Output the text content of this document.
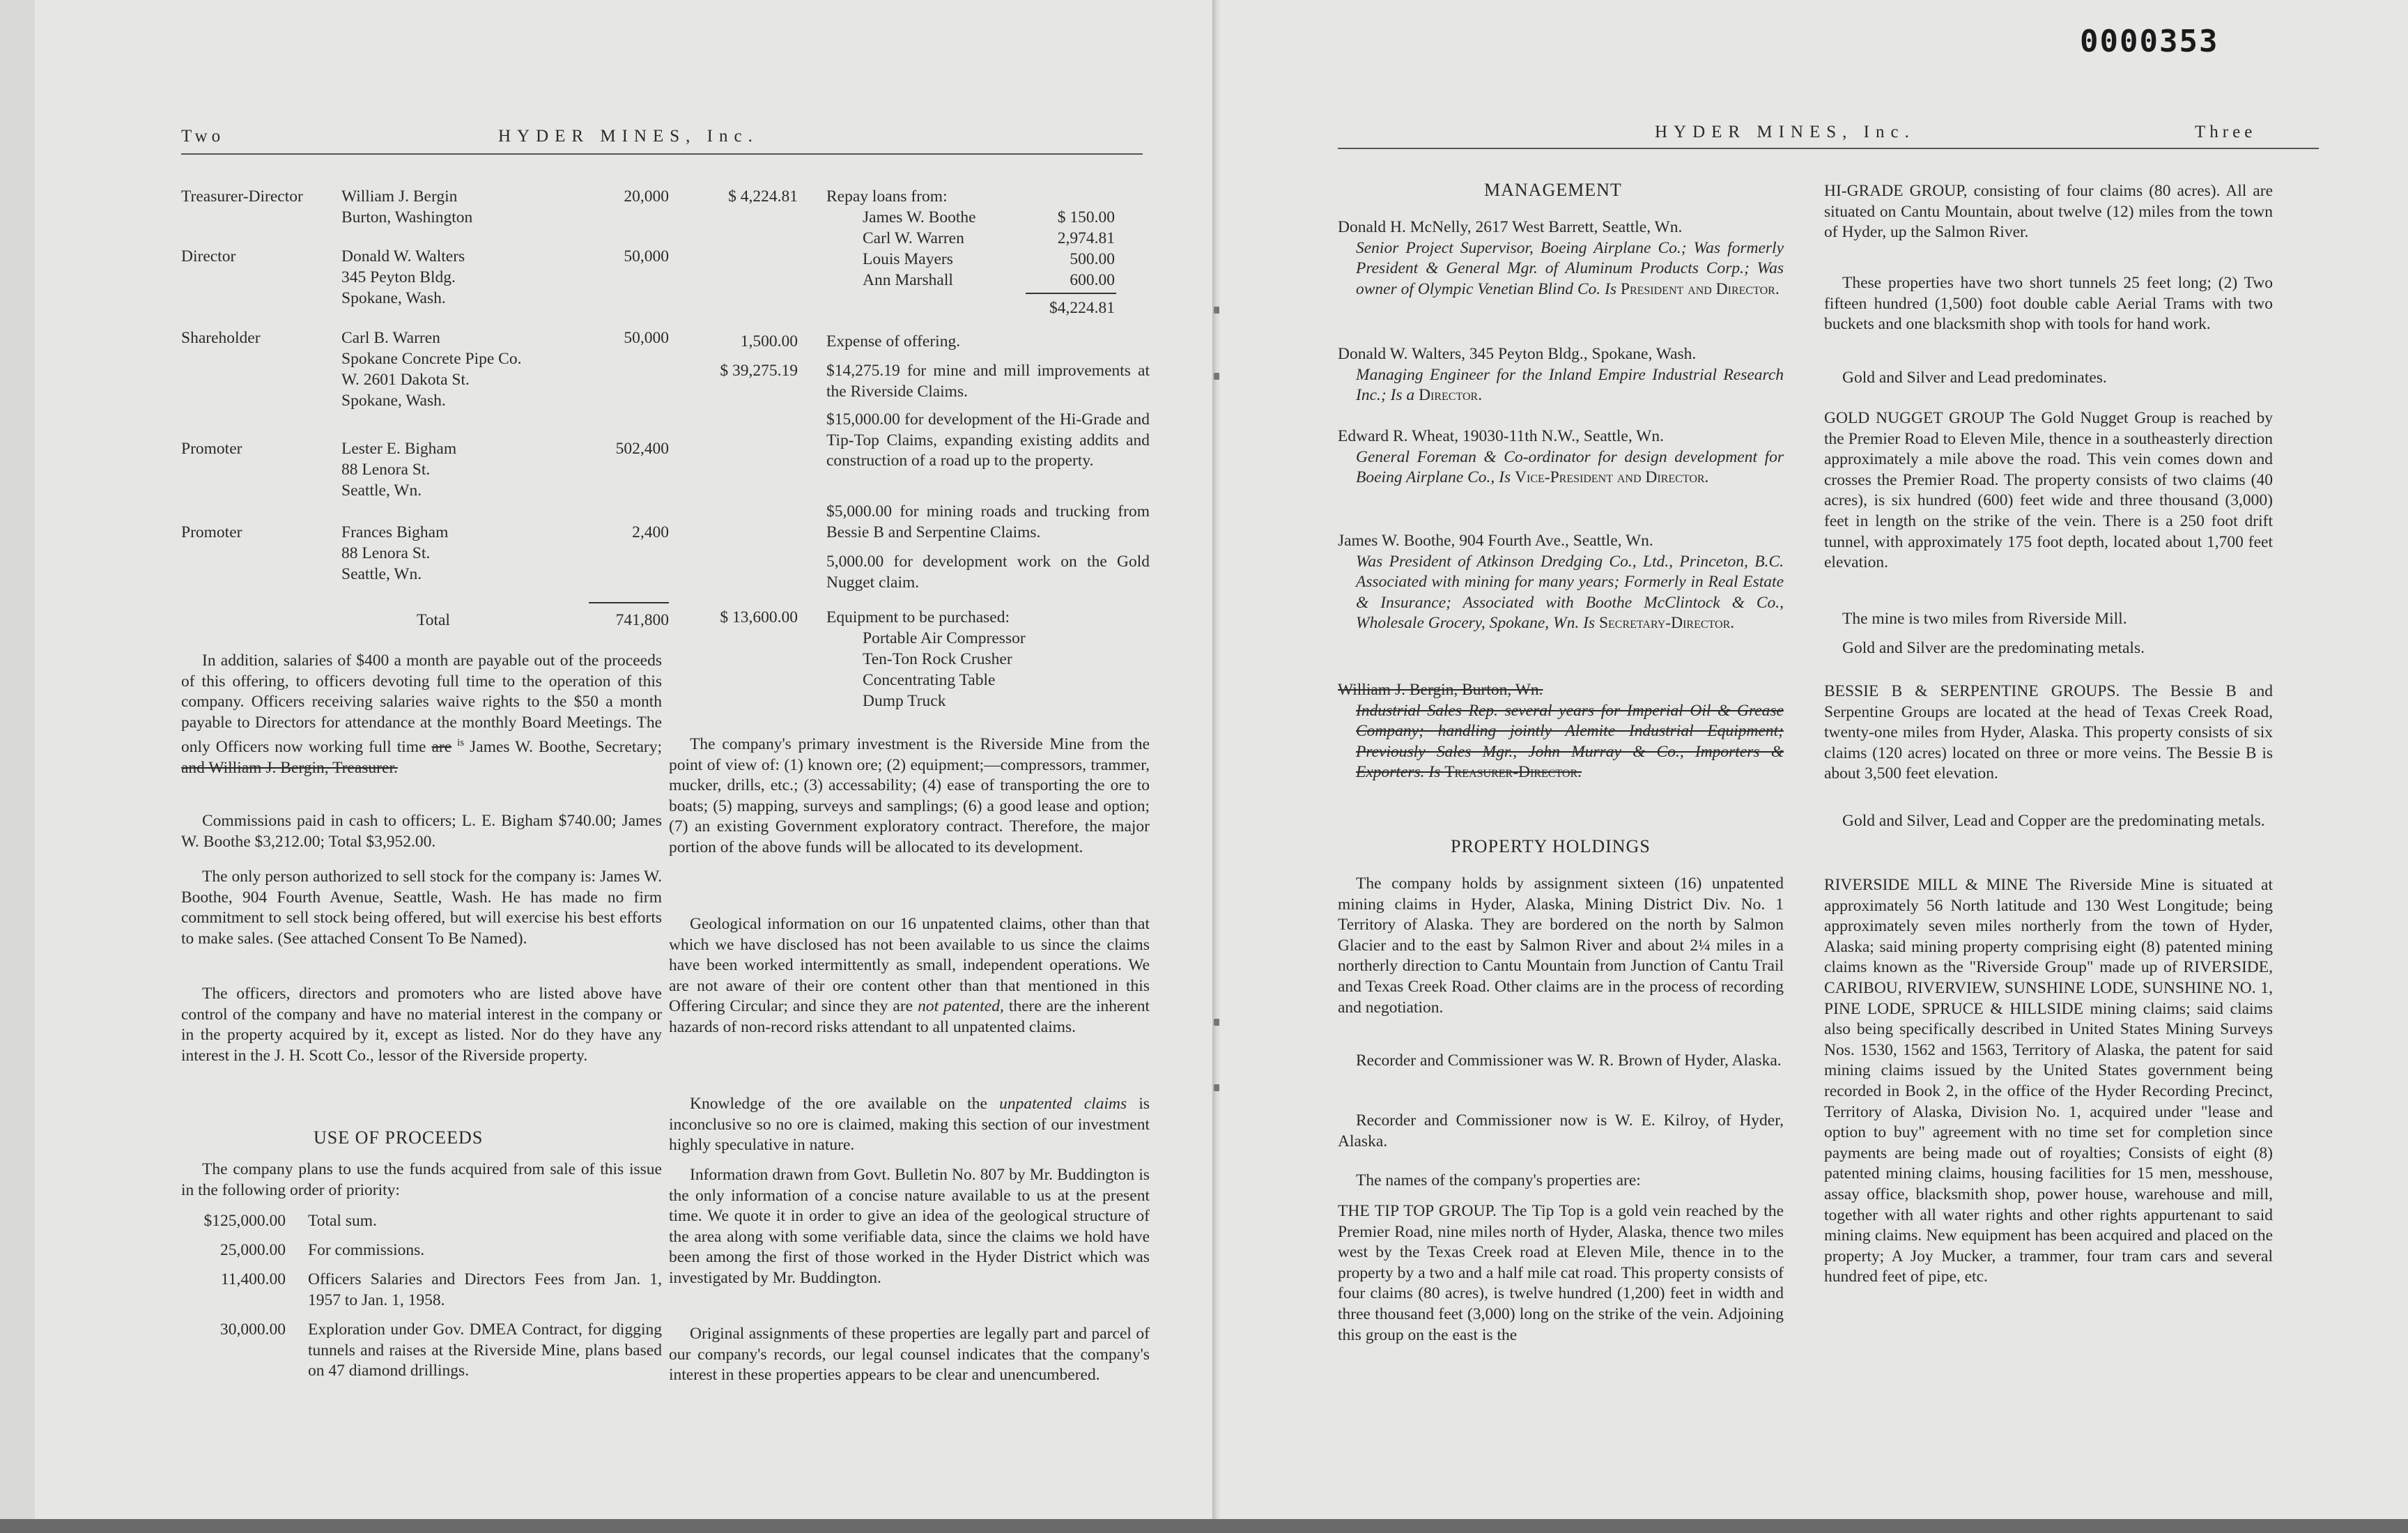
Two	HYDER MINES, Inc.
Treasurer-Director William J. Bergin	20,000
Burton, Washington
Director	Donald W. Walters	50,000
345 Peyton Bldg.
Spokane, Wash.
Shareholder	Carl B. Warren	50,000
Spokane Concrete Pipe Co.
W. 2601 Dakota St.
Spokane, Wash.
Promoter	Lester E. Bigham	502,400
88 Lenora St.
Seattle, Wn.
Promoter	Frances Bigham	2,400
88 Lenora St.
Seattle, Wn.
Total	741,800
In addition, salaries of $400 a month are payable out of the proceeds of this offering, to officers devoting full time to the operation of this company. Officers receiving salaries waive rights to the $50 a month payable to Directors for attendance at the monthly Board Meetings. The only Officers now working full time are $^{is}$ James W. Boothe, Secretary; and William J. Bergin, Treasurer.
Commissions paid in cash to officers; L. E. Bigham $740.00; James W. Boothe $3,212.00; Total $3,952.00.
The only person authorized to sell stock for the company is: James W. Boothe, 904 Fourth Avenue, Seattle, Wash. He has made no firm commitment to sell stock being offered, but will exercise his best efforts to make sales. (See attached Consent To Be Named).
The officers, directors and promoters who are listed above have control of the company and have no material interest in the company or in the property acquired by it, except as listed. Nor do they have any interest in the J. H. Scott Co., lessor of the Riverside property.
USE OF PROCEEDS
The company plans to use the funds acquired from sale of this issue in the following order of priority:
$125,000.00 Total sum.
25,000.00 For commissions.
11,400.00 Officers Salaries and Directors Fees from Jan. 1, 1957 to Jan. 1, 1958.
30,000.00 Exploration under Gov. DMEA Contract, for digging tunnels and raises at the Riverside Mine, plans based on 47 diamond drillings.
$ 4,224.81 Repay loans from:
James W. Boothe	$ 150.00
Carl W. Warren	2,974.81
Louis Mayers	500.00
Ann Marshall	600.00
$4,224.81
1,500.00 Expense of offering.
$ 39,275.19 $14,275.19 for mine and mill improvements at the Riverside Claims.
$15,000.00 for development of the Hi-Grade and Tip-Top Claims, expanding existing addits and construction of a road up to the property.
$5,000.00 for mining roads and trucking from Bessie B and Serpentine Claims.
5,000.00 for development work on the Gold Nugget claim.
$ 13,600.00 Equipment to be purchased:
Portable Air Compressor
Ten-Ton Rock Crusher
Concentrating Table
Dump Truck
The company's primary investment is the Riverside Mine from the point of view of: (1) known ore; (2) equipment;—compressors, trammer, mucker, drills, etc.; (3) accessability; (4) ease of transporting the ore to boats; (5) mapping, surveys and samplings; (6) a good lease and option; (7) an existing Government exploratory contract. Therefore, the major portion of the above funds will be allocated to its development.
Geological information on our 16 unpatented claims, other than that which we have disclosed has not been available to us since the claims have been worked intermittently as small, independent operations. We are not aware of their ore content other than that mentioned in this Offering Circular; and since they are not patented, there are the inherent hazards of non-record risks attendant to all unpatented claims.
Knowledge of the ore available on the unpatented claims is inconclusive so no ore is claimed, making this section of our investment highly speculative in nature.
Information drawn from Govt. Bulletin No. 807 by Mr. Buddington is the only information of a concise nature available to us at the present time. We quote it in order to give an idea of the geological structure of the area along with some verifiable data, since the claims we hold have been among the first of those worked in the Hyder District which was investigated by Mr. Buddington.
Original assignments of these properties are legally part and parcel of our company's records, our legal counsel indicates that the company's interest in these properties appears to be clear and unencumbered.
0000353
HYDER MINES, Inc.	Three
MANAGEMENT
Donald H. McNelly, 2617 West Barrett, Seattle, Wn.
Senior Project Supervisor, Boeing Airplane Co.; Was formerly President & General Mgr. of Aluminum Products Corp.; Was owner of Olympic Venetian Blind Co. Is President and Director.
Donald W. Walters, 345 Peyton Bldg., Spokane, Wash.
Managing Engineer for the Inland Empire Industrial Research Inc.; Is a Director.
Edward R. Wheat, 19030-11th N.W., Seattle, Wn.
General Foreman & Co-ordinator for design development for Boeing Airplane Co., Is Vice-President and Director.
James W. Boothe, 904 Fourth Ave., Seattle, Wn.
Was President of Atkinson Dredging Co., Ltd., Princeton, B.C. Associated with mining for many years; Formerly in Real Estate & Insurance; Associated with Boothe McClintock & Co., Wholesale Grocery, Spokane, Wn. Is Secretary-Director.
William J. Bergin, Burton, Wn.
Industrial Sales Rep. several years for Imperial Oil & Grease Company; handling jointly Alemite Industrial Equipment; Previously Sales Mgr., John Murray & Co., Importers & Exporters. Is Treasurer-Director.
PROPERTY HOLDINGS
The company holds by assignment sixteen (16) unpatented mining claims in Hyder, Alaska, Mining District Div. No. 1 Territory of Alaska. They are bordered on the north by Salmon Glacier and to the east by Salmon River and about 2¼ miles in a northerly direction to Cantu Mountain from Junction of Cantu Trail and Texas Creek Road. Other claims are in the process of recording and negotiation.
Recorder and Commissioner was W. R. Brown of Hyder, Alaska.
Recorder and Commissioner now is W. E. Kilroy, of Hyder, Alaska.
The names of the company's properties are:
THE TIP TOP GROUP. The Tip Top is a gold vein reached by the Premier Road, nine miles north of Hyder, Alaska, thence two miles west by the Texas Creek road at Eleven Mile, thence in to the property by a two and a half mile cat road. This property consists of four claims (80 acres), is twelve hundred (1,200) feet in width and three thousand feet (3,000) long on the strike of the vein. Adjoining this group on the east is the
HI-GRADE GROUP, consisting of four claims (80 acres). All are situated on Cantu Mountain, about twelve (12) miles from the town of Hyder, up the Salmon River.
These properties have two short tunnels 25 feet long; (2) Two fifteen hundred (1,500) foot double cable Aerial Trams with two buckets and one blacksmith shop with tools for hand work.
Gold and Silver and Lead predominates.
GOLD NUGGET GROUP The Gold Nugget Group is reached by the Premier Road to Eleven Mile, thence in a southeasterly direction approximately a mile above the road. This vein comes down and crosses the Premier Road. The property consists of two claims (40 acres), is six hundred (600) feet wide and three thousand (3,000) feet in length on the strike of the vein. There is a 250 foot drift tunnel, with approximately 175 foot depth, located about 1,700 feet elevation.
The mine is two miles from Riverside Mill.
Gold and Silver are the predominating metals.
BESSIE B & SERPENTINE GROUPS. The Bessie B and Serpentine Groups are located at the head of Texas Creek Road, twenty-one miles from Hyder, Alaska. This property consists of six claims (120 acres) located on three or more veins. The Bessie B is about 3,500 feet elevation.
Gold and Silver, Lead and Copper are the predominating metals.
RIVERSIDE MILL & MINE The Riverside Mine is situated at approximately 56 North latitude and 130 West Longitude; being approximately seven miles northerly from the town of Hyder, Alaska; said mining property comprising eight (8) patented mining claims known as the "Riverside Group" made up of RIVERSIDE, CARIBOU, RIVERVIEW, SUNSHINE LODE, SUNSHINE NO. 1, PINE LODE, SPRUCE & HILLSIDE mining claims; said claims also being specifically described in United States Mining Surveys Nos. 1530, 1562 and 1563, Territory of Alaska, the patent for said mining claims issued by the United States government being recorded in Book 2, in the office of the Hyder Recording Precinct, Territory of Alaska, Division No. 1, acquired under "lease and option to buy" agreement with no time set for completion since payments are being made out of royalties; Consists of eight (8) patented mining claims, housing facilities for 15 men, messhouse, assay office, blacksmith shop, power house, warehouse and mill, together with all water rights and other rights appurtenant to said mining claims. New equipment has been acquired and placed on the property; A Joy Mucker, a trammer, four tram cars and several hundred feet of pipe, etc.
